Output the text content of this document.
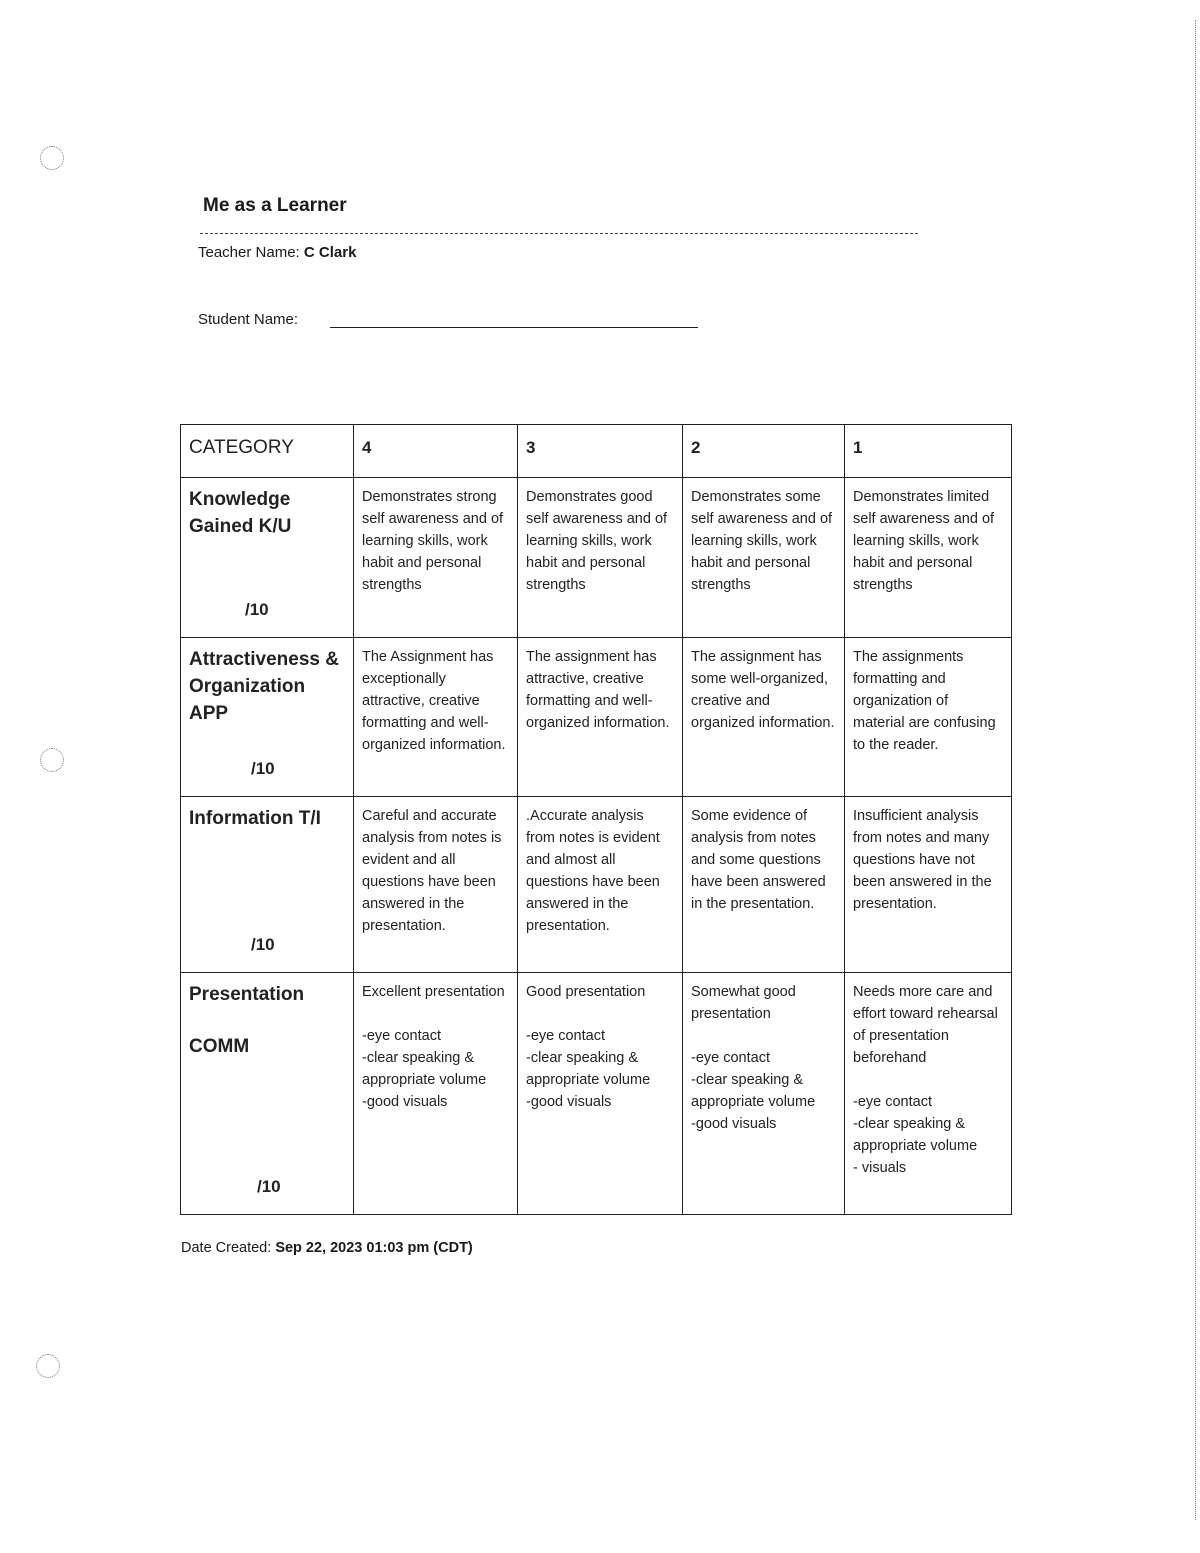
Me as a Learner
Teacher Name: C Clark
Student Name:
CATEGORY	4	3	2	1

Knowledge Gained K/U
/10	Demonstrates strong self awareness and of learning skills, work habit and personal strengths	Demonstrates good self awareness and of learning skills, work habit and personal strengths	Demonstrates some self awareness and of learning skills, work habit and personal strengths	Demonstrates limited self awareness and of learning skills, work habit and personal strengths

Attractiveness & Organization APP
/10	The Assignment has exceptionally attractive, creative formatting and well-organized information.	The assignment has attractive, creative formatting and well-organized information.	The assignment has some well-organized, creative and organized information.	The assignments formatting and organization of material are confusing to the reader.

Information T/I
/10	Careful and accurate analysis from notes is evident and all questions have been answered in the presentation.	.Accurate analysis from notes is evident and almost all questions have been answered in the presentation.	Some evidence of analysis from notes and some questions have been answered in the presentation.	Insufficient analysis from notes and many questions have not been answered in the presentation.

Presentation
COMM
/10	Excellent presentation
-eye contact
-clear speaking & appropriate volume
-good visuals	Good presentation
-eye contact
-clear speaking & appropriate volume
-good visuals	Somewhat good presentation
-eye contact
-clear speaking & appropriate volume
-good visuals	Needs more care and effort toward rehearsal of presentation beforehand
-eye contact
-clear speaking & appropriate volume
- visuals
Date Created: Sep 22, 2023 01:03 pm (CDT)
